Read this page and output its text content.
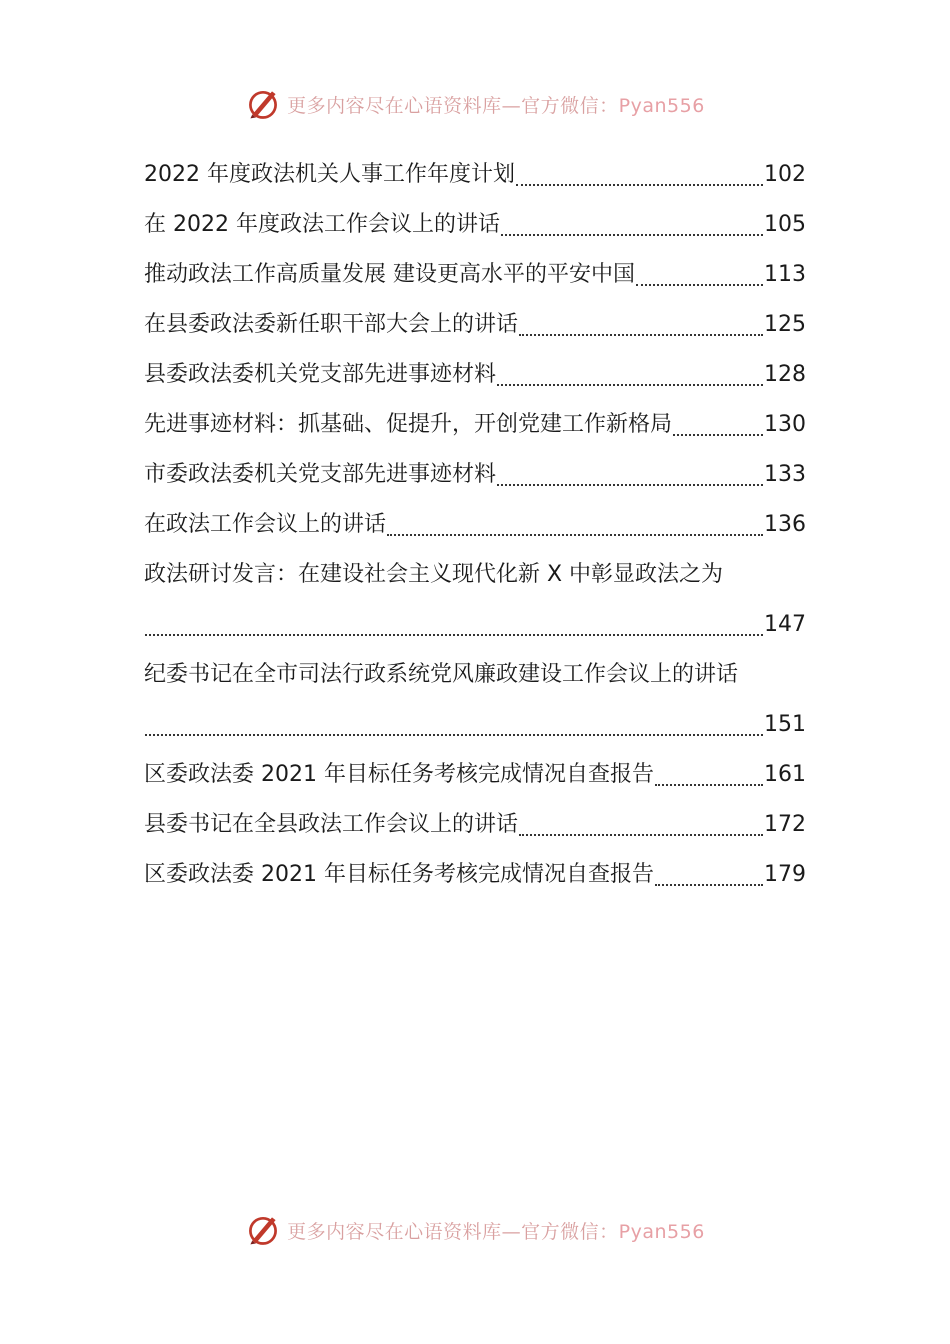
更多内容尽在心语资料库—官方微信：Pyan556
2022 年度政法机关人事工作年度计划	102
在 2022 年度政法工作会议上的讲话	105
推动政法工作高质量发展 建设更高水平的平安中国	113
在县委政法委新任职干部大会上的讲话	125
县委政法委机关党支部先进事迹材料	128
先进事迹材料：抓基础、促提升，开创党建工作新格局	130
市委政法委机关党支部先进事迹材料	133
在政法工作会议上的讲话	136
政法研讨发言：在建设社会主义现代化新 X 中彰显政法之为
147
纪委书记在全市司法行政系统党风廉政建设工作会议上的讲话
151
区委政法委 2021 年目标任务考核完成情况自查报告	161
县委书记在全县政法工作会议上的讲话	172
区委政法委 2021 年目标任务考核完成情况自查报告	179
更多内容尽在心语资料库—官方微信：Pyan556
